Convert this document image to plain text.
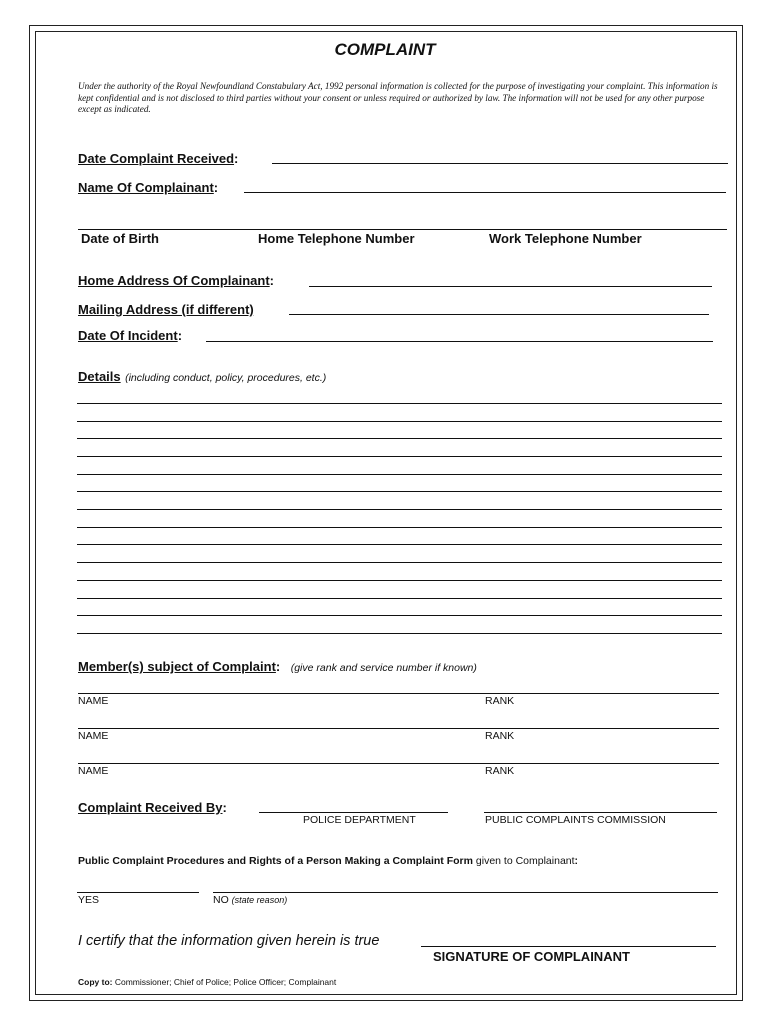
COMPLAINT
Under the authority of the Royal Newfoundland Constabulary Act, 1992 personal information is collected for the purpose of investigating your complaint. This information is kept confidential and is not disclosed to third parties without your consent or unless required or authorized by law. The information will not be used for any other purpose except as indicated.
Date Complaint Received:
Name Of Complainant:
Date of Birth	Home Telephone Number	Work Telephone Number
Home Address Of Complainant:
Mailing Address (if different)
Date Of Incident:
Details (including conduct, policy, procedures, etc.)
Member(s) subject of Complaint: (give rank and service number if known)
NAME	RANK
NAME	RANK
NAME	RANK
Complaint Received By:
POLICE DEPARTMENT	PUBLIC COMPLAINTS COMMISSION
Public Complaint Procedures and Rights of a Person Making a Complaint Form given to Complainant:
YES	NO (state reason)
I certify that the information given herein is true
SIGNATURE OF COMPLAINANT
Copy to: Commissioner; Chief of Police; Police Officer; Complainant
